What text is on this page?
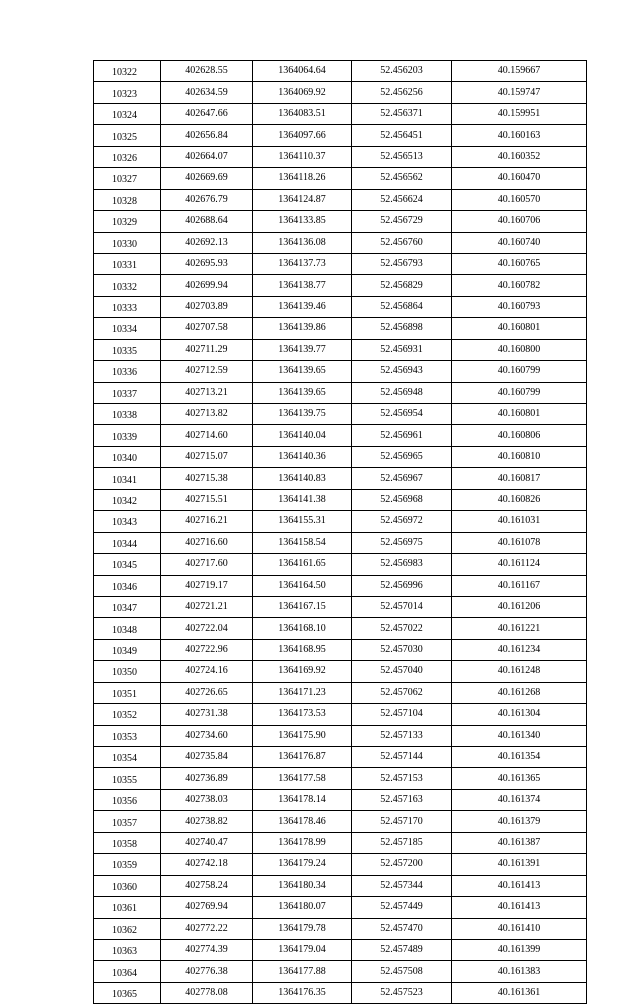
10322	402628.55	1364064.64	52.456203	40.159667
10323	402634.59	1364069.92	52.456256	40.159747
10324	402647.66	1364083.51	52.456371	40.159951
10325	402656.84	1364097.66	52.456451	40.160163
10326	402664.07	1364110.37	52.456513	40.160352
10327	402669.69	1364118.26	52.456562	40.160470
10328	402676.79	1364124.87	52.456624	40.160570
10329	402688.64	1364133.85	52.456729	40.160706
10330	402692.13	1364136.08	52.456760	40.160740
10331	402695.93	1364137.73	52.456793	40.160765
10332	402699.94	1364138.77	52.456829	40.160782
10333	402703.89	1364139.46	52.456864	40.160793
10334	402707.58	1364139.86	52.456898	40.160801
10335	402711.29	1364139.77	52.456931	40.160800
10336	402712.59	1364139.65	52.456943	40.160799
10337	402713.21	1364139.65	52.456948	40.160799
10338	402713.82	1364139.75	52.456954	40.160801
10339	402714.60	1364140.04	52.456961	40.160806
10340	402715.07	1364140.36	52.456965	40.160810
10341	402715.38	1364140.83	52.456967	40.160817
10342	402715.51	1364141.38	52.456968	40.160826
10343	402716.21	1364155.31	52.456972	40.161031
10344	402716.60	1364158.54	52.456975	40.161078
10345	402717.60	1364161.65	52.456983	40.161124
10346	402719.17	1364164.50	52.456996	40.161167
10347	402721.21	1364167.15	52.457014	40.161206
10348	402722.04	1364168.10	52.457022	40.161221
10349	402722.96	1364168.95	52.457030	40.161234
10350	402724.16	1364169.92	52.457040	40.161248
10351	402726.65	1364171.23	52.457062	40.161268
10352	402731.38	1364173.53	52.457104	40.161304
10353	402734.60	1364175.90	52.457133	40.161340
10354	402735.84	1364176.87	52.457144	40.161354
10355	402736.89	1364177.58	52.457153	40.161365
10356	402738.03	1364178.14	52.457163	40.161374
10357	402738.82	1364178.46	52.457170	40.161379
10358	402740.47	1364178.99	52.457185	40.161387
10359	402742.18	1364179.24	52.457200	40.161391
10360	402758.24	1364180.34	52.457344	40.161413
10361	402769.94	1364180.07	52.457449	40.161413
10362	402772.22	1364179.78	52.457470	40.161410
10363	402774.39	1364179.04	52.457489	40.161399
10364	402776.38	1364177.88	52.457508	40.161383
10365	402778.08	1364176.35	52.457523	40.161361
